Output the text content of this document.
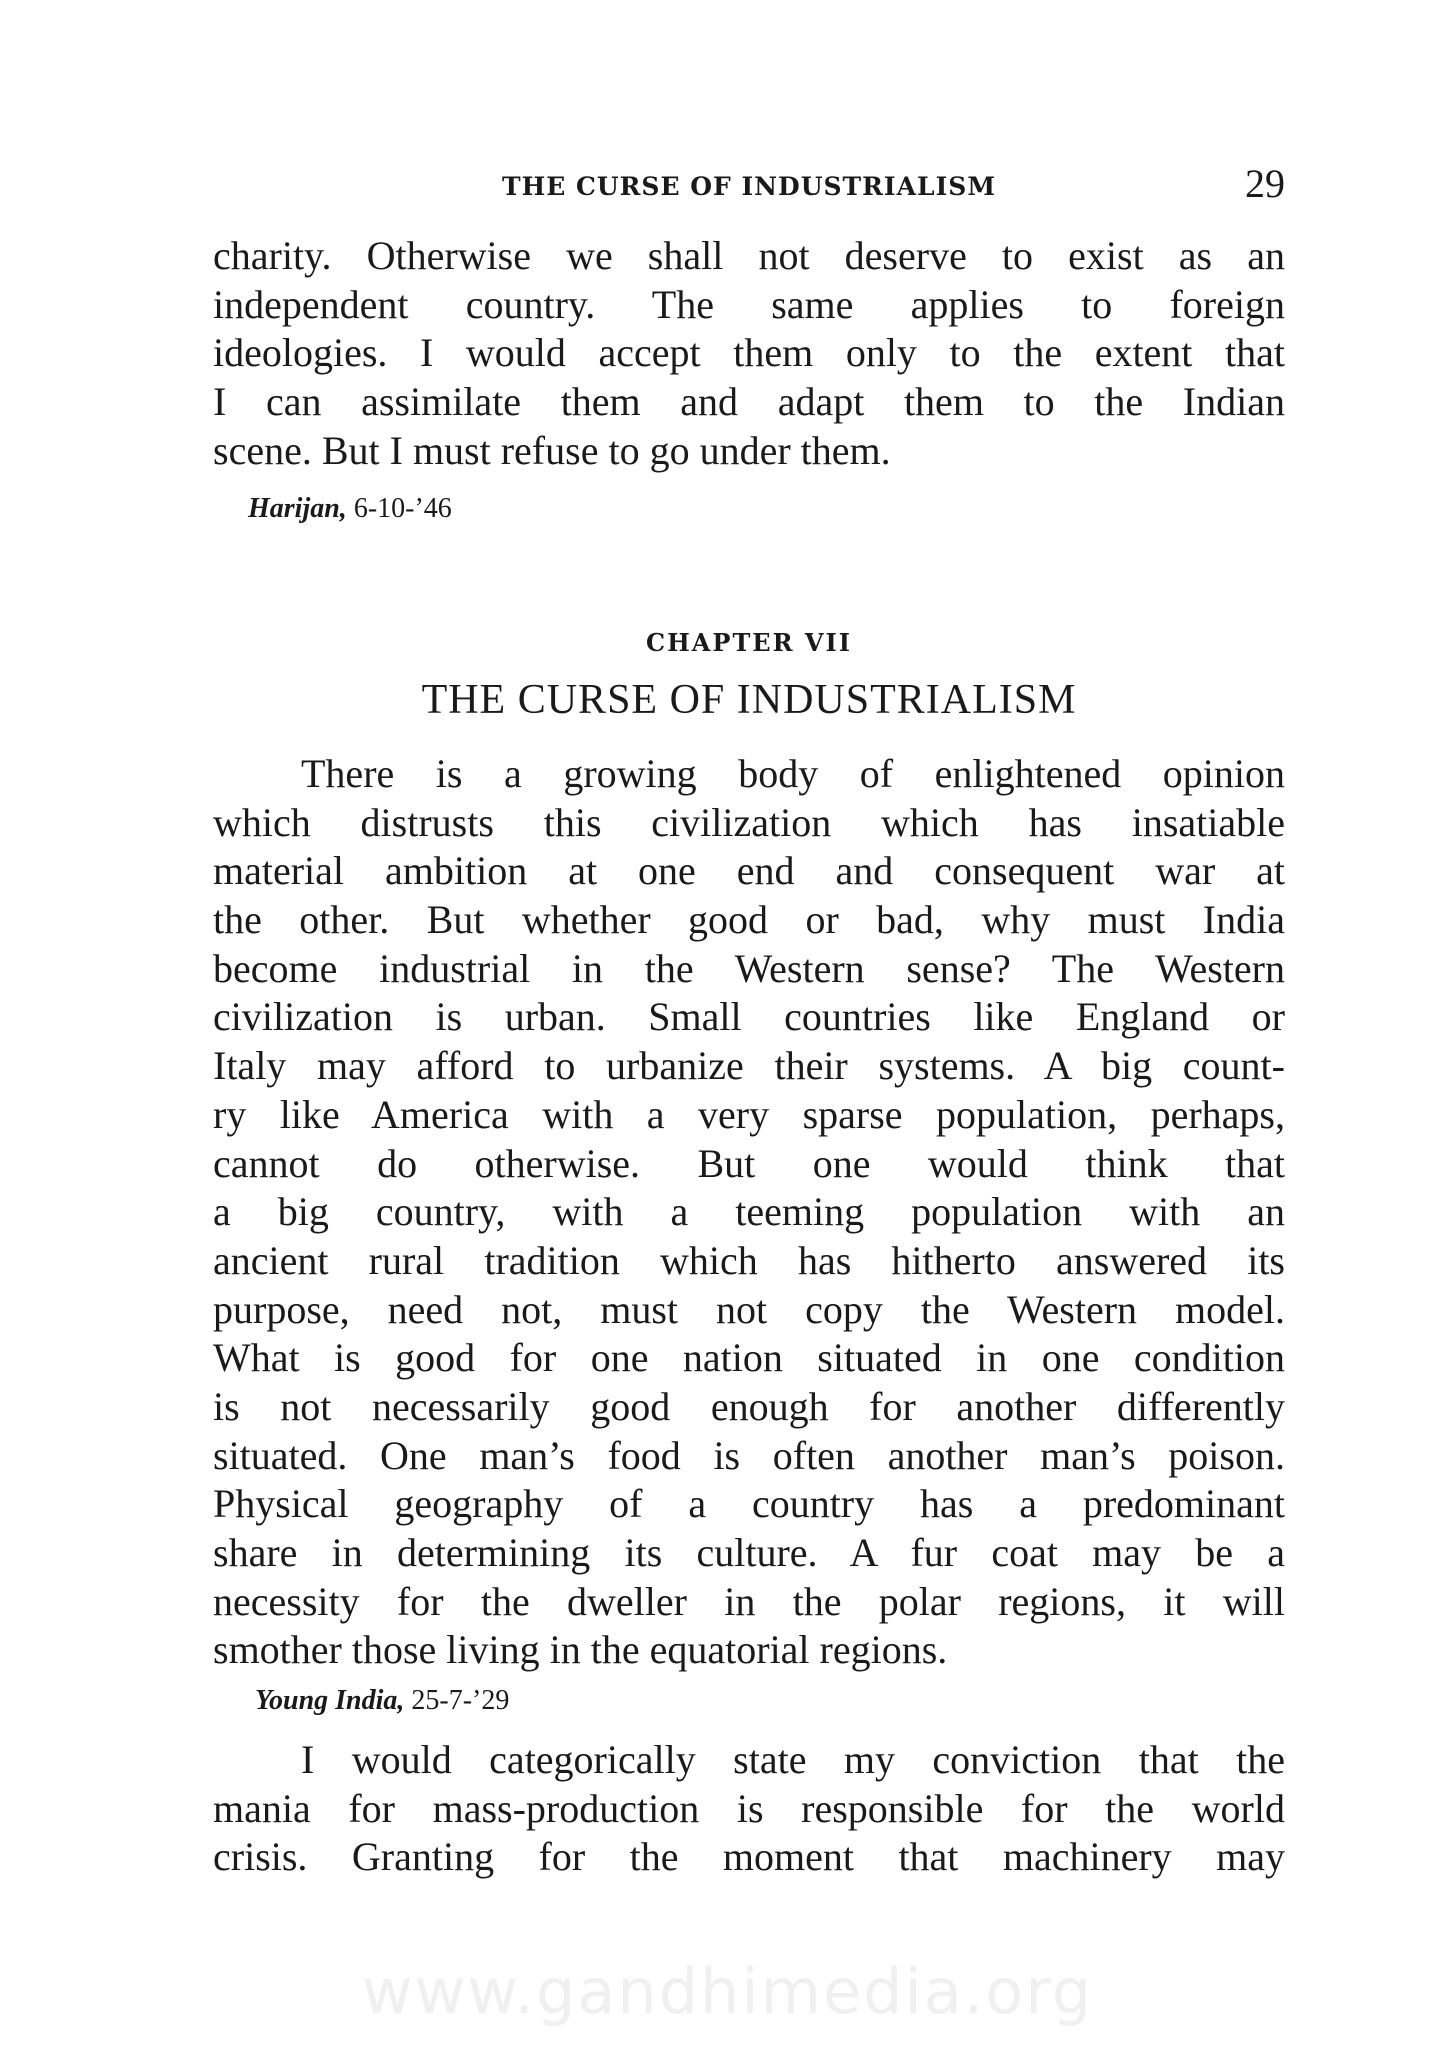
THE CURSE OF INDUSTRIALISM	29
charity. Otherwise we shall not deserve to exist as an
independent country. The same applies to foreign
ideologies. I would accept them only to the extent that
I can assimilate them and adapt them to the Indian
scene. But I must refuse to go under them.
Harijan, 6-10-’46
CHAPTER VII
THE CURSE OF INDUSTRIALISM
There is a growing body of enlightened opinion
which distrusts this civilization which has insatiable
material ambition at one end and consequent war at
the other. But whether good or bad, why must India
become industrial in the Western sense? The Western
civilization is urban. Small countries like England or
Italy may afford to urbanize their systems. A big count-
ry like America with a very sparse population, perhaps,
cannot do otherwise. But one would think that
a big country, with a teeming population with an
ancient rural tradition which has hitherto answered its
purpose, need not, must not copy the Western model.
What is good for one nation situated in one condition
is not necessarily good enough for another differently
situated. One man’s food is often another man’s poison.
Physical geography of a country has a predominant
share in determining its culture. A fur coat may be a
necessity for the dweller in the polar regions, it will
smother those living in the equatorial regions.
Young India, 25-7-’29
I would categorically state my conviction that the
mania for mass-production is responsible for the world
crisis. Granting for the moment that machinery may
www.gandhimedia.org
